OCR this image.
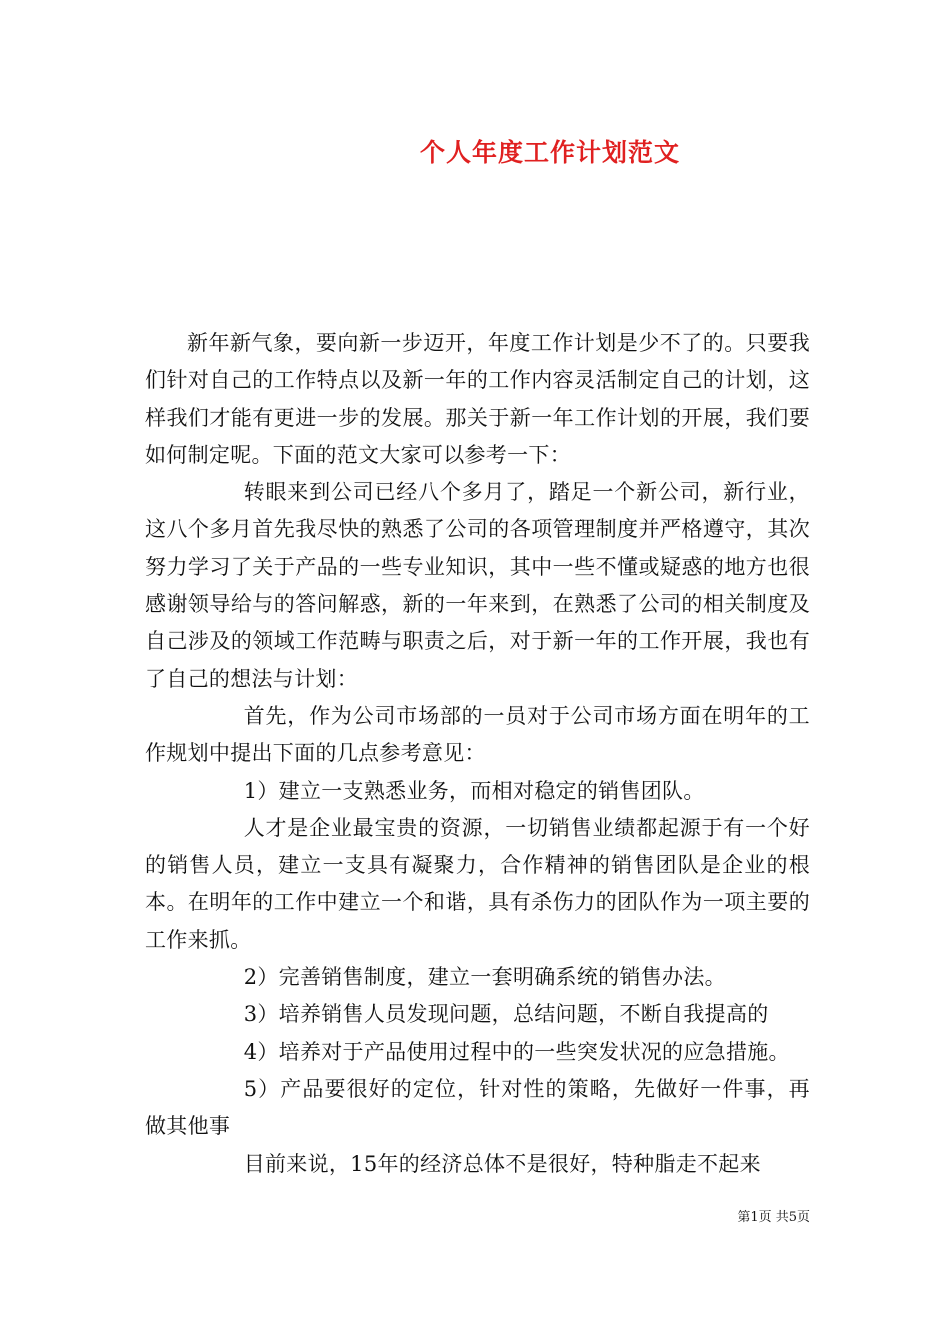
个人年度工作计划范文

新年新气象，要向新一步迈开，年度工作计划是少不了的。只要我们针对自己的工作特点以及新一年的工作内容灵活制定自己的计划，这样我们才能有更进一步的发展。那关于新一年工作计划的开展，我们要如何制定呢。下面的范文大家可以参考一下：

转眼来到公司已经八个多月了，踏足一个新公司，新行业，这八个多月首先我尽快的熟悉了公司的各项管理制度并严格遵守，其次努力学习了关于产品的一些专业知识，其中一些不懂或疑惑的地方也很感谢领导给与的答问解惑，新的一年来到，在熟悉了公司的相关制度及自己涉及的领域工作范畴与职责之后，对于新一年的工作开展，我也有了自己的想法与计划：

首先，作为公司市场部的一员对于公司市场方面在明年的工作规划中提出下面的几点参考意见：

1）建立一支熟悉业务，而相对稳定的销售团队。

人才是企业最宝贵的资源，一切销售业绩都起源于有一个好的销售人员，建立一支具有凝聚力，合作精神的销售团队是企业的根本。在明年的工作中建立一个和谐，具有杀伤力的团队作为一项主要的工作来抓。

2）完善销售制度，建立一套明确系统的销售办法。

3）培养销售人员发现问题，总结问题，不断自我提高的

4）培养对于产品使用过程中的一些突发状况的应急措施。

5）产品要很好的定位，针对性的策略，先做好一件事，再做其他事

目前来说，15年的经济总体不是很好，特种脂走不起来

第1页 共5页
